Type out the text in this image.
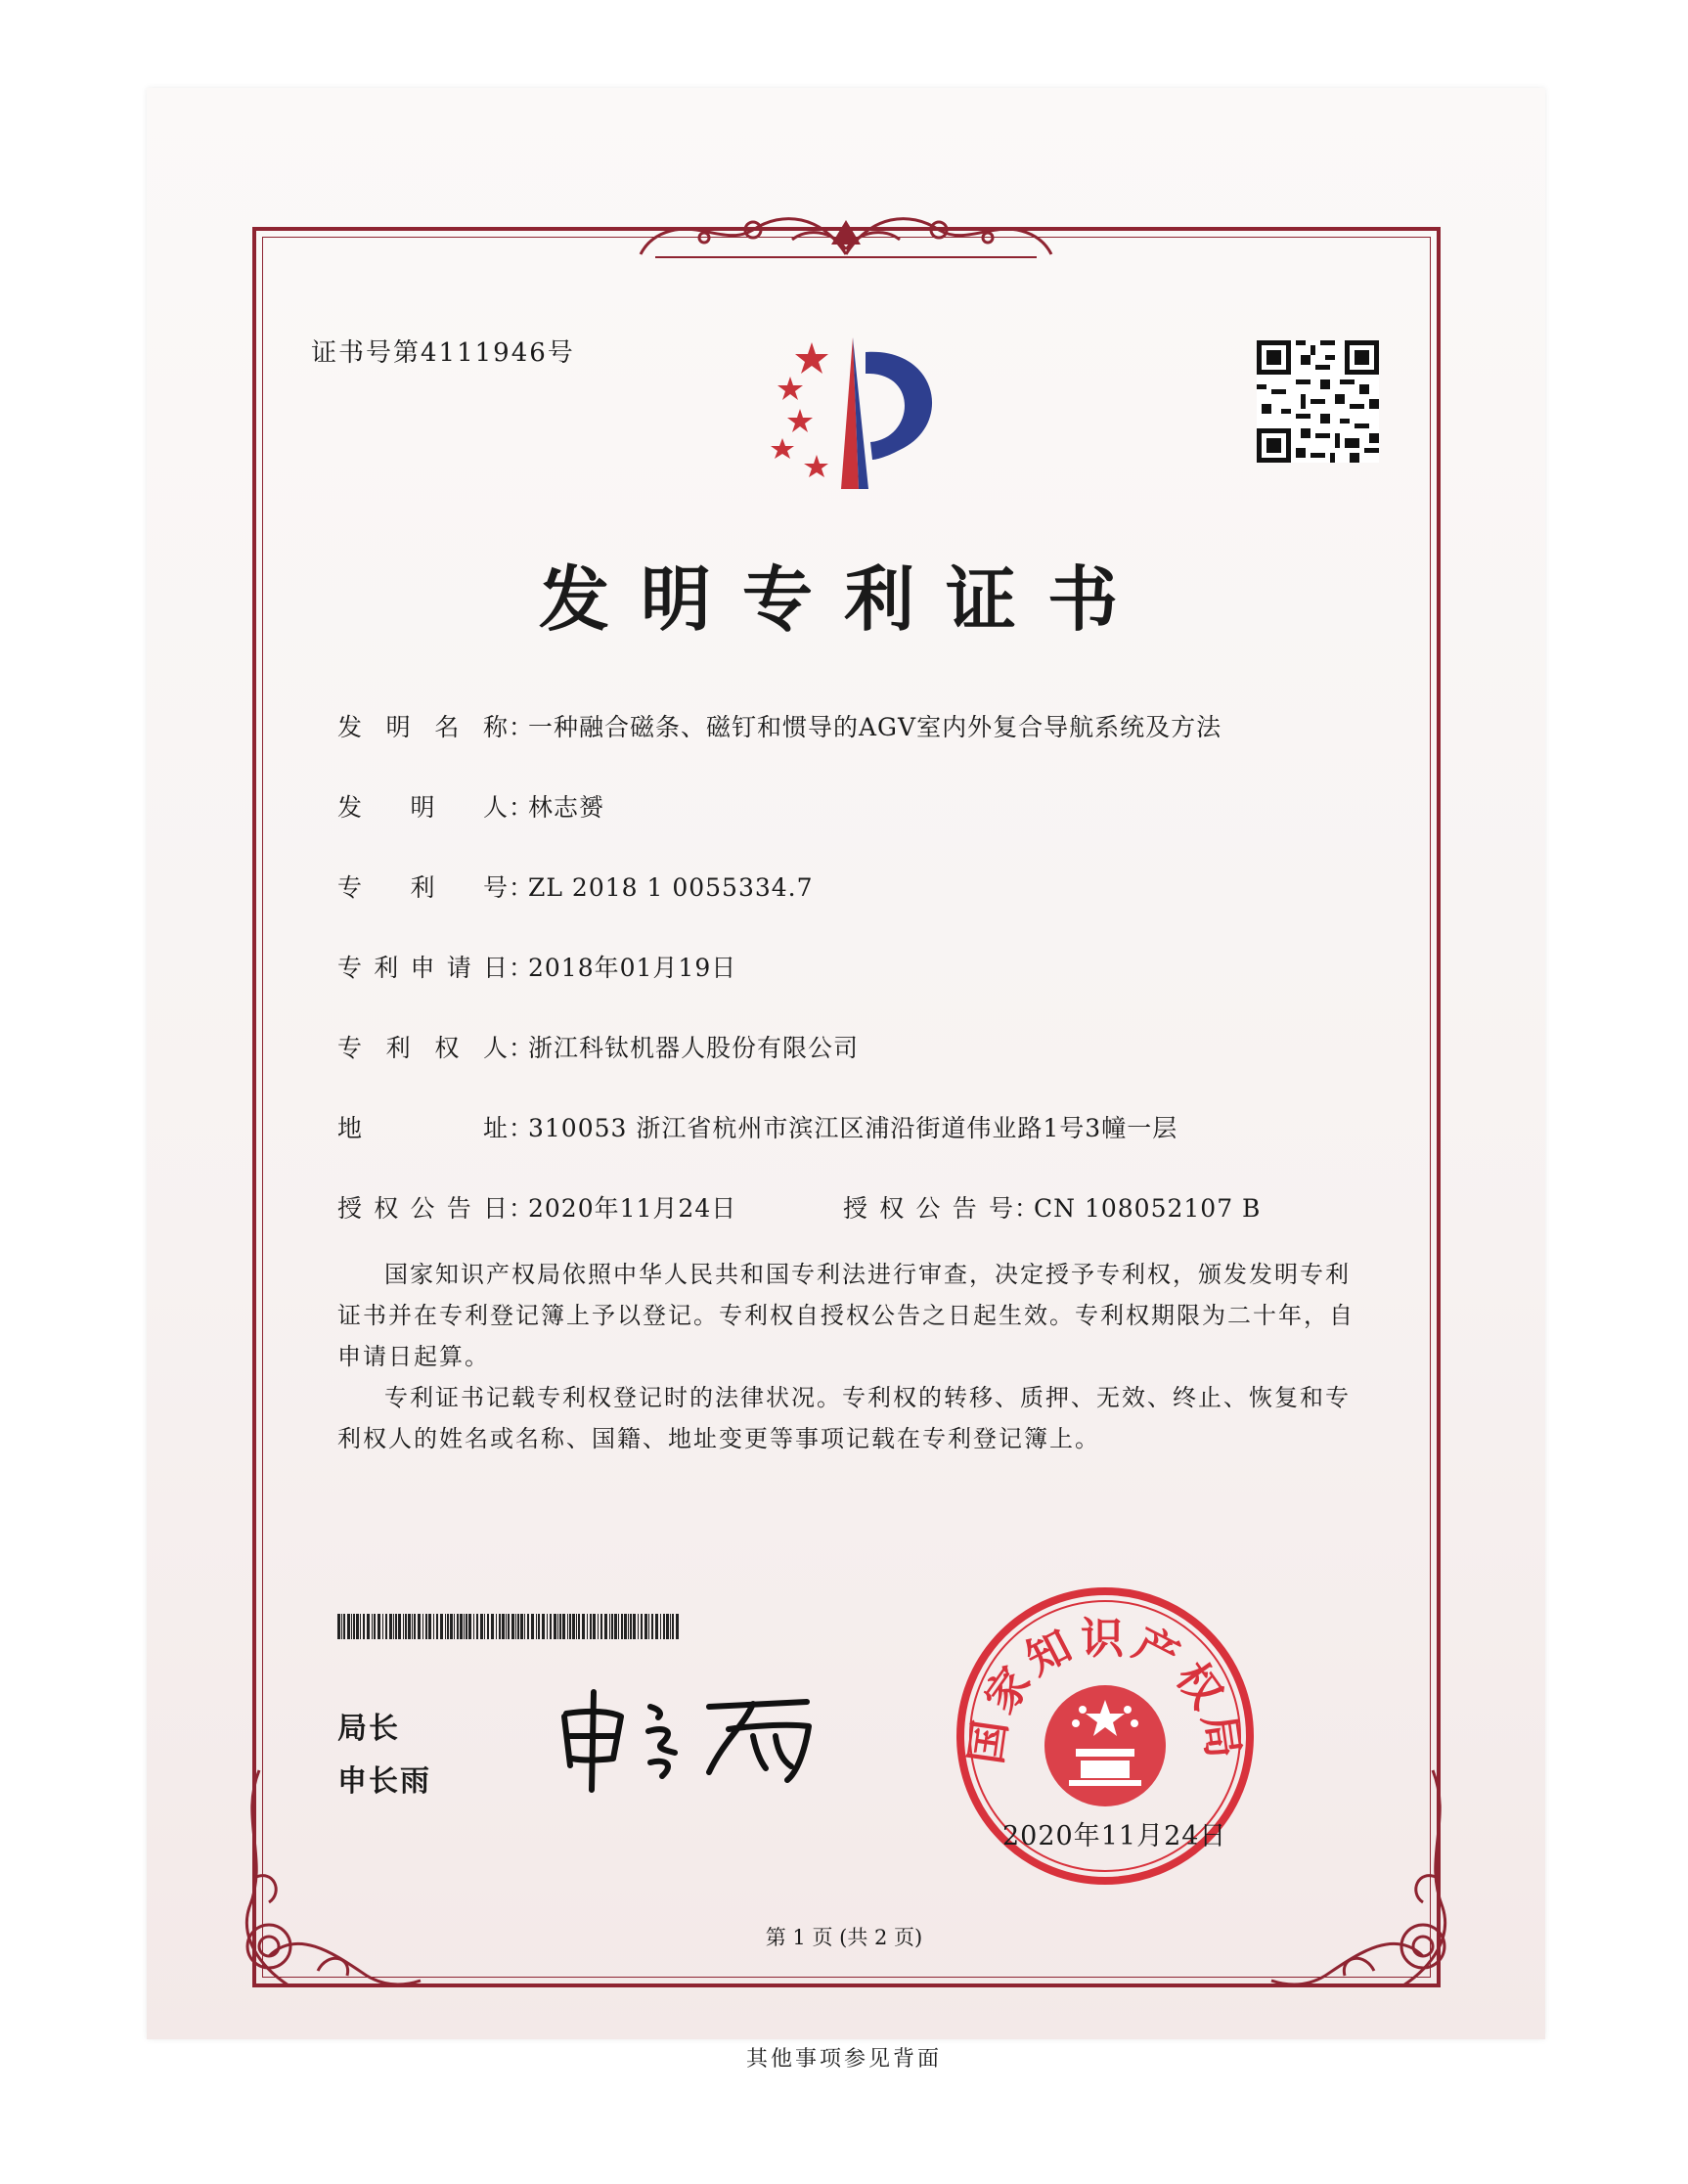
证书号第4111946号
发明专利证书
发明名称：一种融合磁条、磁钉和惯导的AGV室内外复合导航系统及方法
发明人：林志赟
专利号：ZL 2018 1 0055334.7
专利申请日：2018年01月19日
专利权人：浙江科钛机器人股份有限公司
地址：310053 浙江省杭州市滨江区浦沿街道伟业路1号3幢一层
授权公告日：2020年11月24日	授权公告号：CN 108052107 B
国家知识产权局依照中华人民共和国专利法进行审查，决定授予专利权，颁发发明专利证书并在专利登记簿上予以登记。专利权自授权公告之日起生效。专利权期限为二十年，自申请日起算。
专利证书记载专利权登记时的法律状况。专利权的转移、质押、无效、终止、恢复和专利权人的姓名或名称、国籍、地址变更等事项记载在专利登记簿上。
局长
申长雨
国家知识产权局
2020年11月24日
第 1 页 (共 2 页)
其他事项参见背面
